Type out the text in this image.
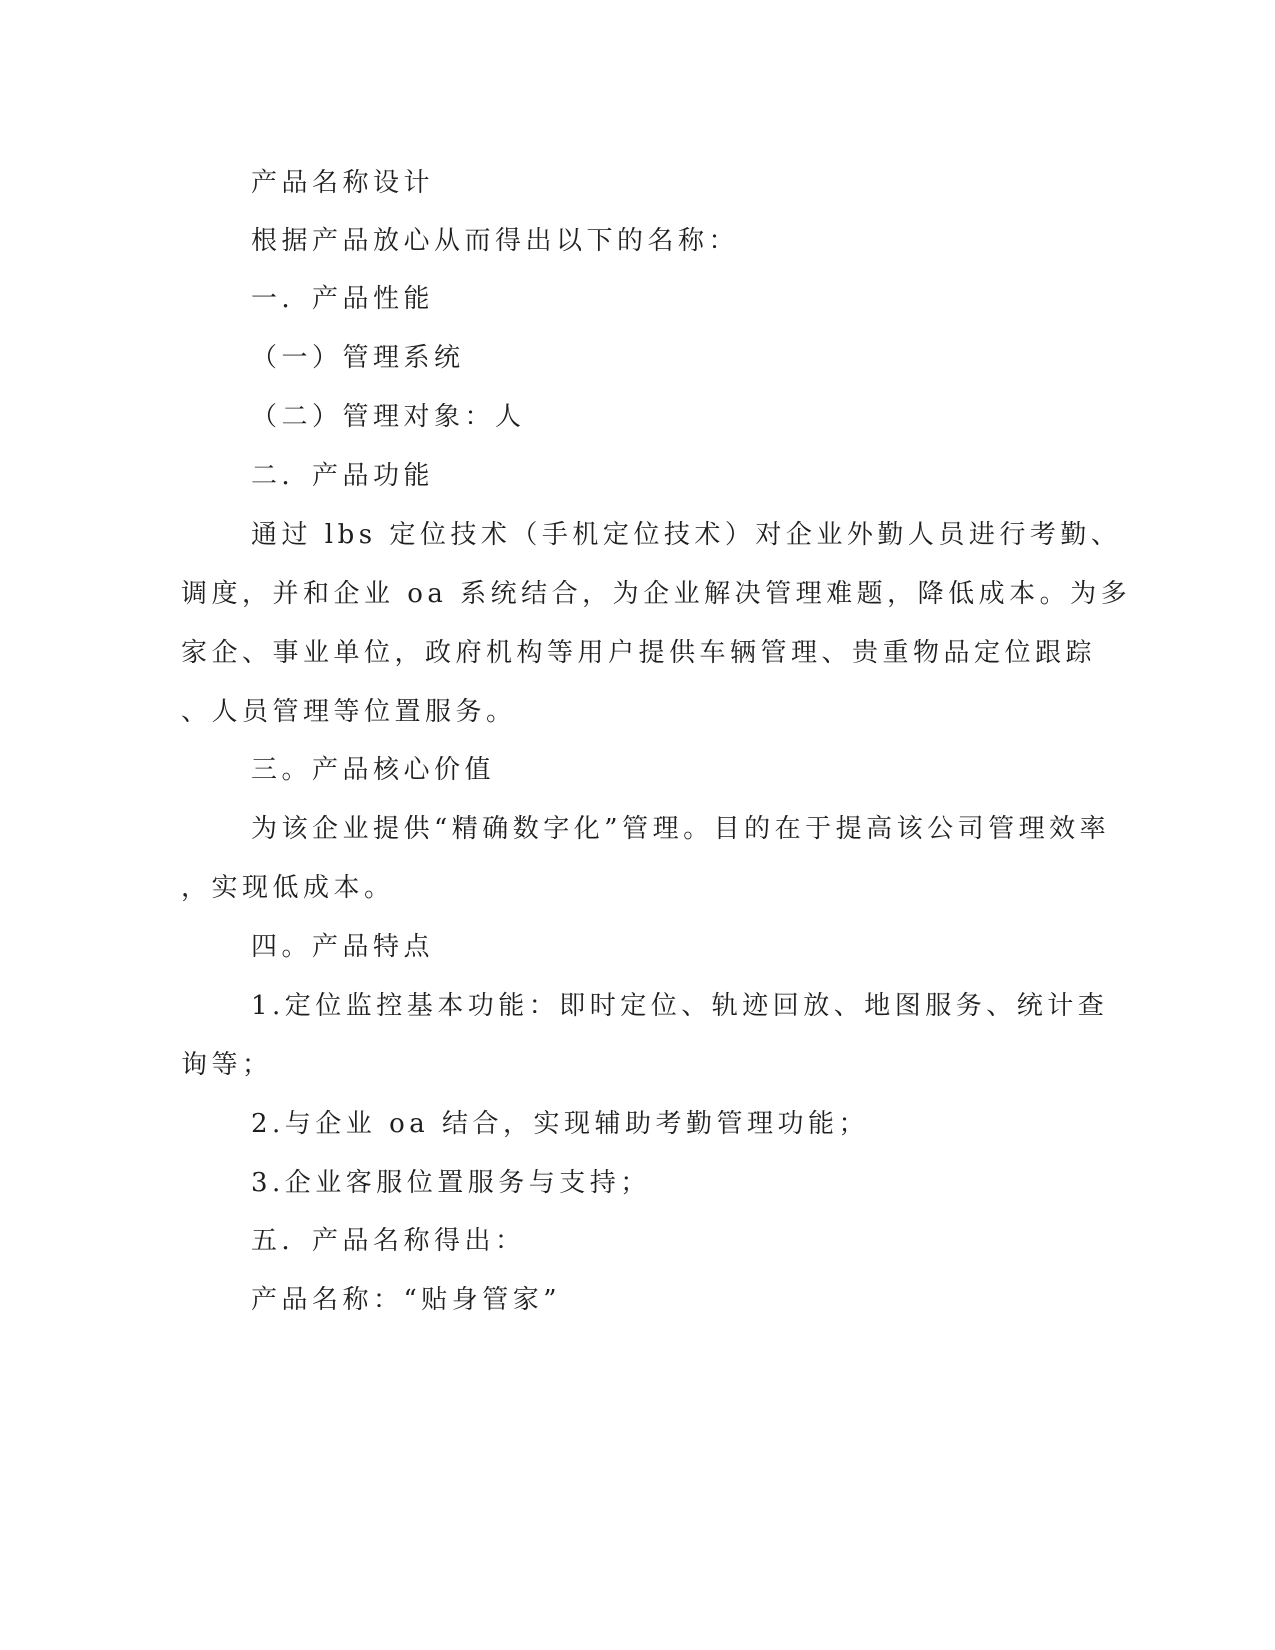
产品名称设计
根据产品放心从而得出以下的名称：
一．产品性能
（一）管理系统
（二）管理对象：人
二．产品功能
通过 lbs 定位技术（手机定位技术）对企业外勤人员进行考勤、
调度，并和企业 oa 系统结合，为企业解决管理难题，降低成本。为多
家企、事业单位，政府机构等用户提供车辆管理、贵重物品定位跟踪
、人员管理等位置服务。
三。产品核心价值
为该企业提供“精确数字化”管理。目的在于提高该公司管理效率
，实现低成本。
四。产品特点
1.定位监控基本功能：即时定位、轨迹回放、地图服务、统计查
询等；
2.与企业 oa 结合，实现辅助考勤管理功能；
3.企业客服位置服务与支持；
五．产品名称得出：
产品名称：“贴身管家”
